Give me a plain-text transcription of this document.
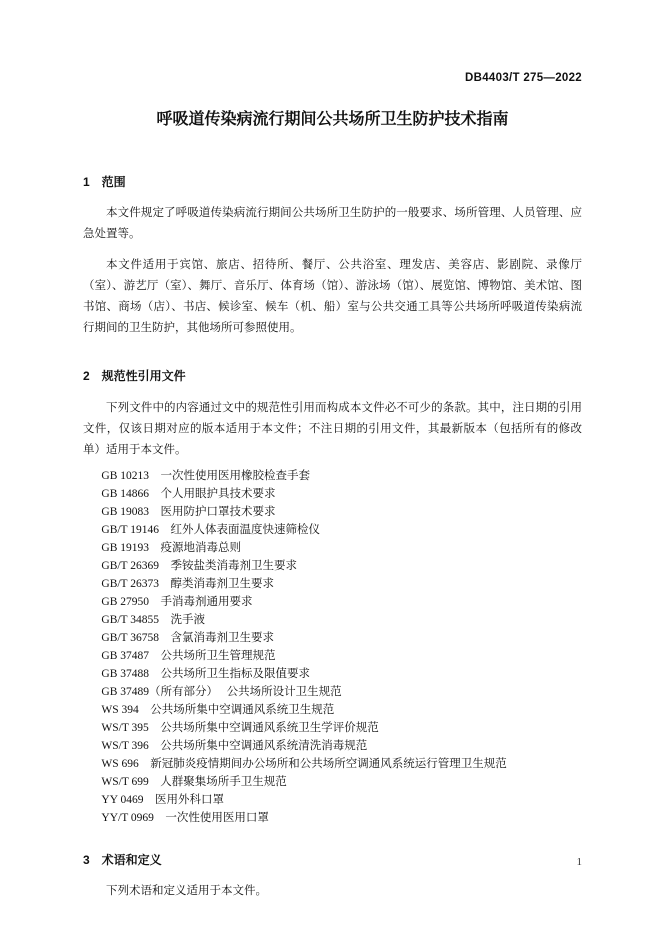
DB4403/T 275—2022
呼吸道传染病流行期间公共场所卫生防护技术指南
1　范围

本文件规定了呼吸道传染病流行期间公共场所卫生防护的一般要求、场所管理、人员管理、应急处置等。

本文件适用于宾馆、旅店、招待所、餐厅、公共浴室、理发店、美容店、影剧院、录像厅（室）、游艺厅（室）、舞厅、音乐厅、体育场（馆）、游泳场（馆）、展览馆、博物馆、美术馆、图书馆、商场（店）、书店、候诊室、候车（机、船）室与公共交通工具等公共场所呼吸道传染病流行期间的卫生防护，其他场所可参照使用。

2　规范性引用文件

下列文件中的内容通过文中的规范性引用而构成本文件必不可少的条款。其中，注日期的引用文件，仅该日期对应的版本适用于本文件；不注日期的引用文件，其最新版本（包括所有的修改单）适用于本文件。

GB 10213　一次性使用医用橡胶检查手套
GB 14866　个人用眼护具技术要求
GB 19083　医用防护口罩技术要求
GB/T 19146　红外人体表面温度快速筛检仪
GB 19193　疫源地消毒总则
GB/T 26369　季铵盐类消毒剂卫生要求
GB/T 26373　醇类消毒剂卫生要求
GB 27950　手消毒剂通用要求
GB/T 34855　洗手液
GB/T 36758　含氯消毒剂卫生要求
GB 37487　公共场所卫生管理规范
GB 37488　公共场所卫生指标及限值要求
GB 37489（所有部分）　 公共场所设计卫生规范
WS 394　公共场所集中空调通风系统卫生规范
WS/T 395　公共场所集中空调通风系统卫生学评价规范
WS/T 396　公共场所集中空调通风系统清洗消毒规范
WS 696　新冠肺炎疫情期间办公场所和公共场所空调通风系统运行管理卫生规范
WS/T 699　人群聚集场所手卫生规范
YY 0469　医用外科口罩
YY/T 0969　一次性使用医用口罩
3　术语和定义

下列术语和定义适用于本文件。

1
